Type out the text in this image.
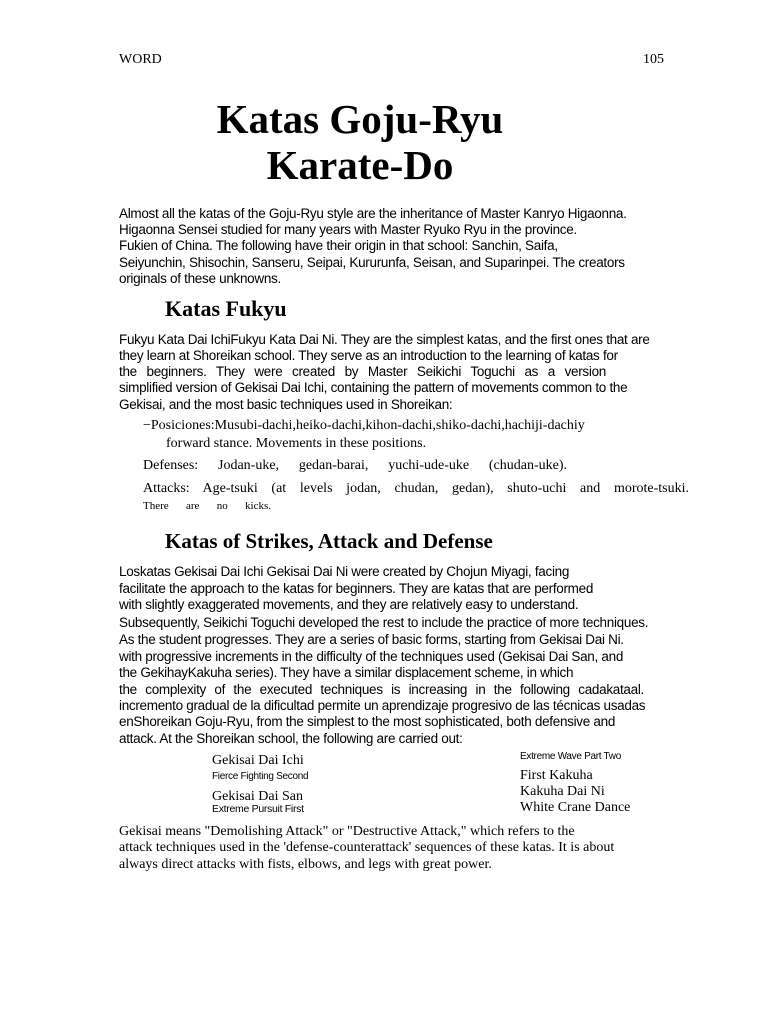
WORD	105
Katas Goju-Ryu
Karate-Do
Almost all the katas of the Goju-Ryu style are the inheritance of Master Kanryo Higaonna.
Higaonna Sensei studied for many years with Master Ryuko Ryu in the province.
Fukien of China. The following have their origin in that school: Sanchin, Saifa,
Seiyunchin, Shisochin, Sanseru, Seipai, Kururunfa, Seisan, and Suparinpei. The creators
originals of these unknowns.
Katas Fukyu
Fukyu Kata Dai IchiFukyu Kata Dai Ni. They are the simplest katas, and the first ones that are
they learn at Shoreikan school. They serve as an introduction to the learning of katas for
the beginners. They were created by Master Seikichi Toguchi as a version
simplified version of Gekisai Dai Ichi, containing the pattern of movements common to the
Gekisai, and the most basic techniques used in Shoreikan:
−Posiciones:Musubi-dachi,heiko-dachi,kihon-dachi,shiko-dachi,hachiji-dachiy
forward stance. Movements in these positions.
Defenses: Jodan-uke, gedan-barai, yuchi-ude-uke (chudan-uke).
Attacks: Age-tsuki (at levels jodan, chudan, gedan), shuto-uchi and morote-tsuki.
There are no kicks.
Katas of Strikes, Attack and Defense
Loskatas Gekisai Dai Ichi Gekisai Dai Ni were created by Chojun Miyagi, facing
facilitate the approach to the katas for beginners. They are katas that are performed
with slightly exaggerated movements, and they are relatively easy to understand.
Subsequently, Seikichi Toguchi developed the rest to include the practice of more techniques.
As the student progresses. They are a series of basic forms, starting from Gekisai Dai Ni.
with progressive increments in the difficulty of the techniques used (Gekisai Dai San, and
the GekihayKakuha series). They have a similar displacement scheme, in which
the complexity of the executed techniques is increasing in the following cadakataal.
incremento gradual de la dificultad permite un aprendizaje progresivo de las técnicas usadas
enShoreikan Goju-Ryu, from the simplest to the most sophisticated, both defensive and
attack. At the Shoreikan school, the following are carried out:
Gekisai Dai Ichi
Fierce Fighting Second
Gekisai Dai San
Extreme Pursuit First
Extreme Wave Part Two
First Kakuha
Kakuha Dai Ni
White Crane Dance
Gekisai means "Demolishing Attack" or "Destructive Attack," which refers to the
attack techniques used in the 'defense-counterattack' sequences of these katas. It is about
always direct attacks with fists, elbows, and legs with great power.
